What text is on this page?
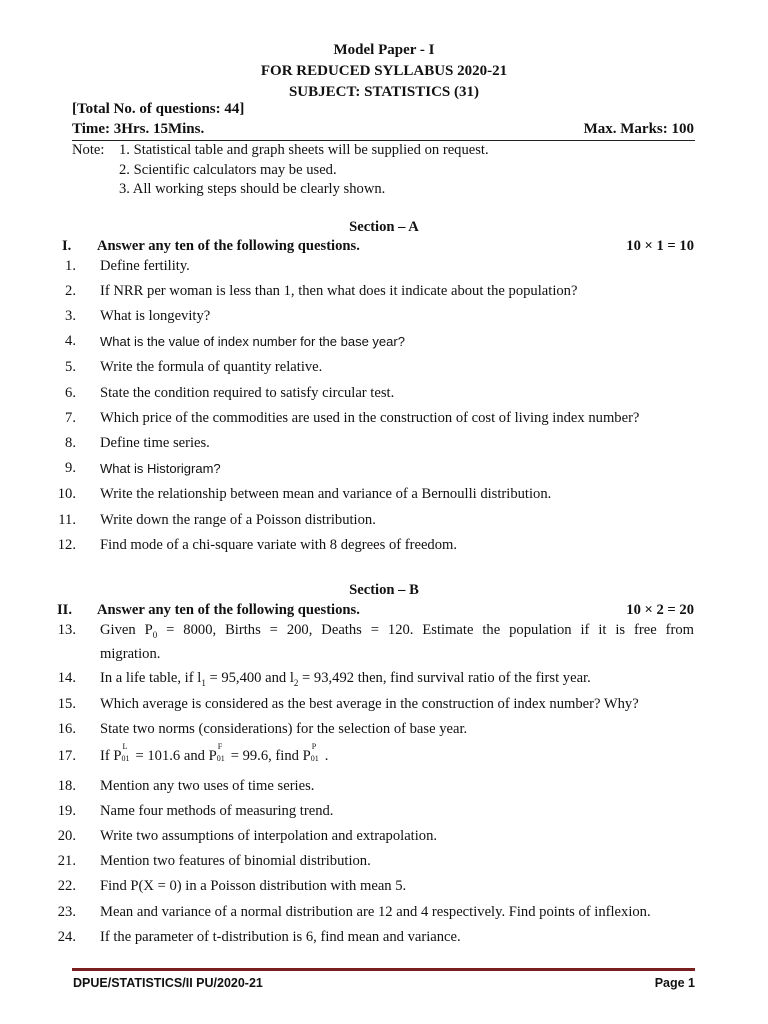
Model Paper - I
FOR REDUCED SYLLABUS 2020-21
SUBJECT: STATISTICS (31)
[Total No. of questions: 44]
Time: 3Hrs. 15Mins.	Max. Marks: 100
Note: 1. Statistical table and graph sheets will be supplied on request.
2. Scientific calculators may be used.
3. All working steps should be clearly shown.
Section – A
I. Answer any ten of the following questions.	10 × 1 = 10
1. Define fertility.
2. If NRR per woman is less than 1, then what does it indicate about the population?
3. What is longevity?
4. What is the value of index number for the base year?
5. Write the formula of quantity relative.
6. State the condition required to satisfy circular test.
7. Which price of the commodities are used in the construction of cost of living index number?
8. Define time series.
9. What is Historigram?
10. Write the relationship between mean and variance of a Bernoulli distribution.
11. Write down the range of a Poisson distribution.
12. Find mode of a chi-square variate with 8 degrees of freedom.
Section – B
II. Answer any ten of the following questions.	10 × 2 = 20
13. Given $P_0 = 8000$, Births = 200, Deaths = 120. Estimate the population if it is free from
migration.
14. In a life table, if $l_1 = 95,400$ and $l_2 = 93,492$ then, find survival ratio of the first year.
15. Which average is considered as the best average in the construction of index number? Why?
16. State two norms (considerations) for the selection of base year.
17. If P
L
01 = 101.6 and P
F
01 = 99.6, find P
P
01 .
18. Mention any two uses of time series.
19. Name four methods of measuring trend.
20. Write two assumptions of interpolation and extrapolation.
21. Mention two features of binomial distribution.
22. Find P(X = 0) in a Poisson distribution with mean 5.
23. Mean and variance of a normal distribution are 12 and 4 respectively. Find points of inflexion.
24. If the parameter of t-distribution is 6, find mean and variance.
DPUE/STATISTICS/II PU/2020-21	Page 1
